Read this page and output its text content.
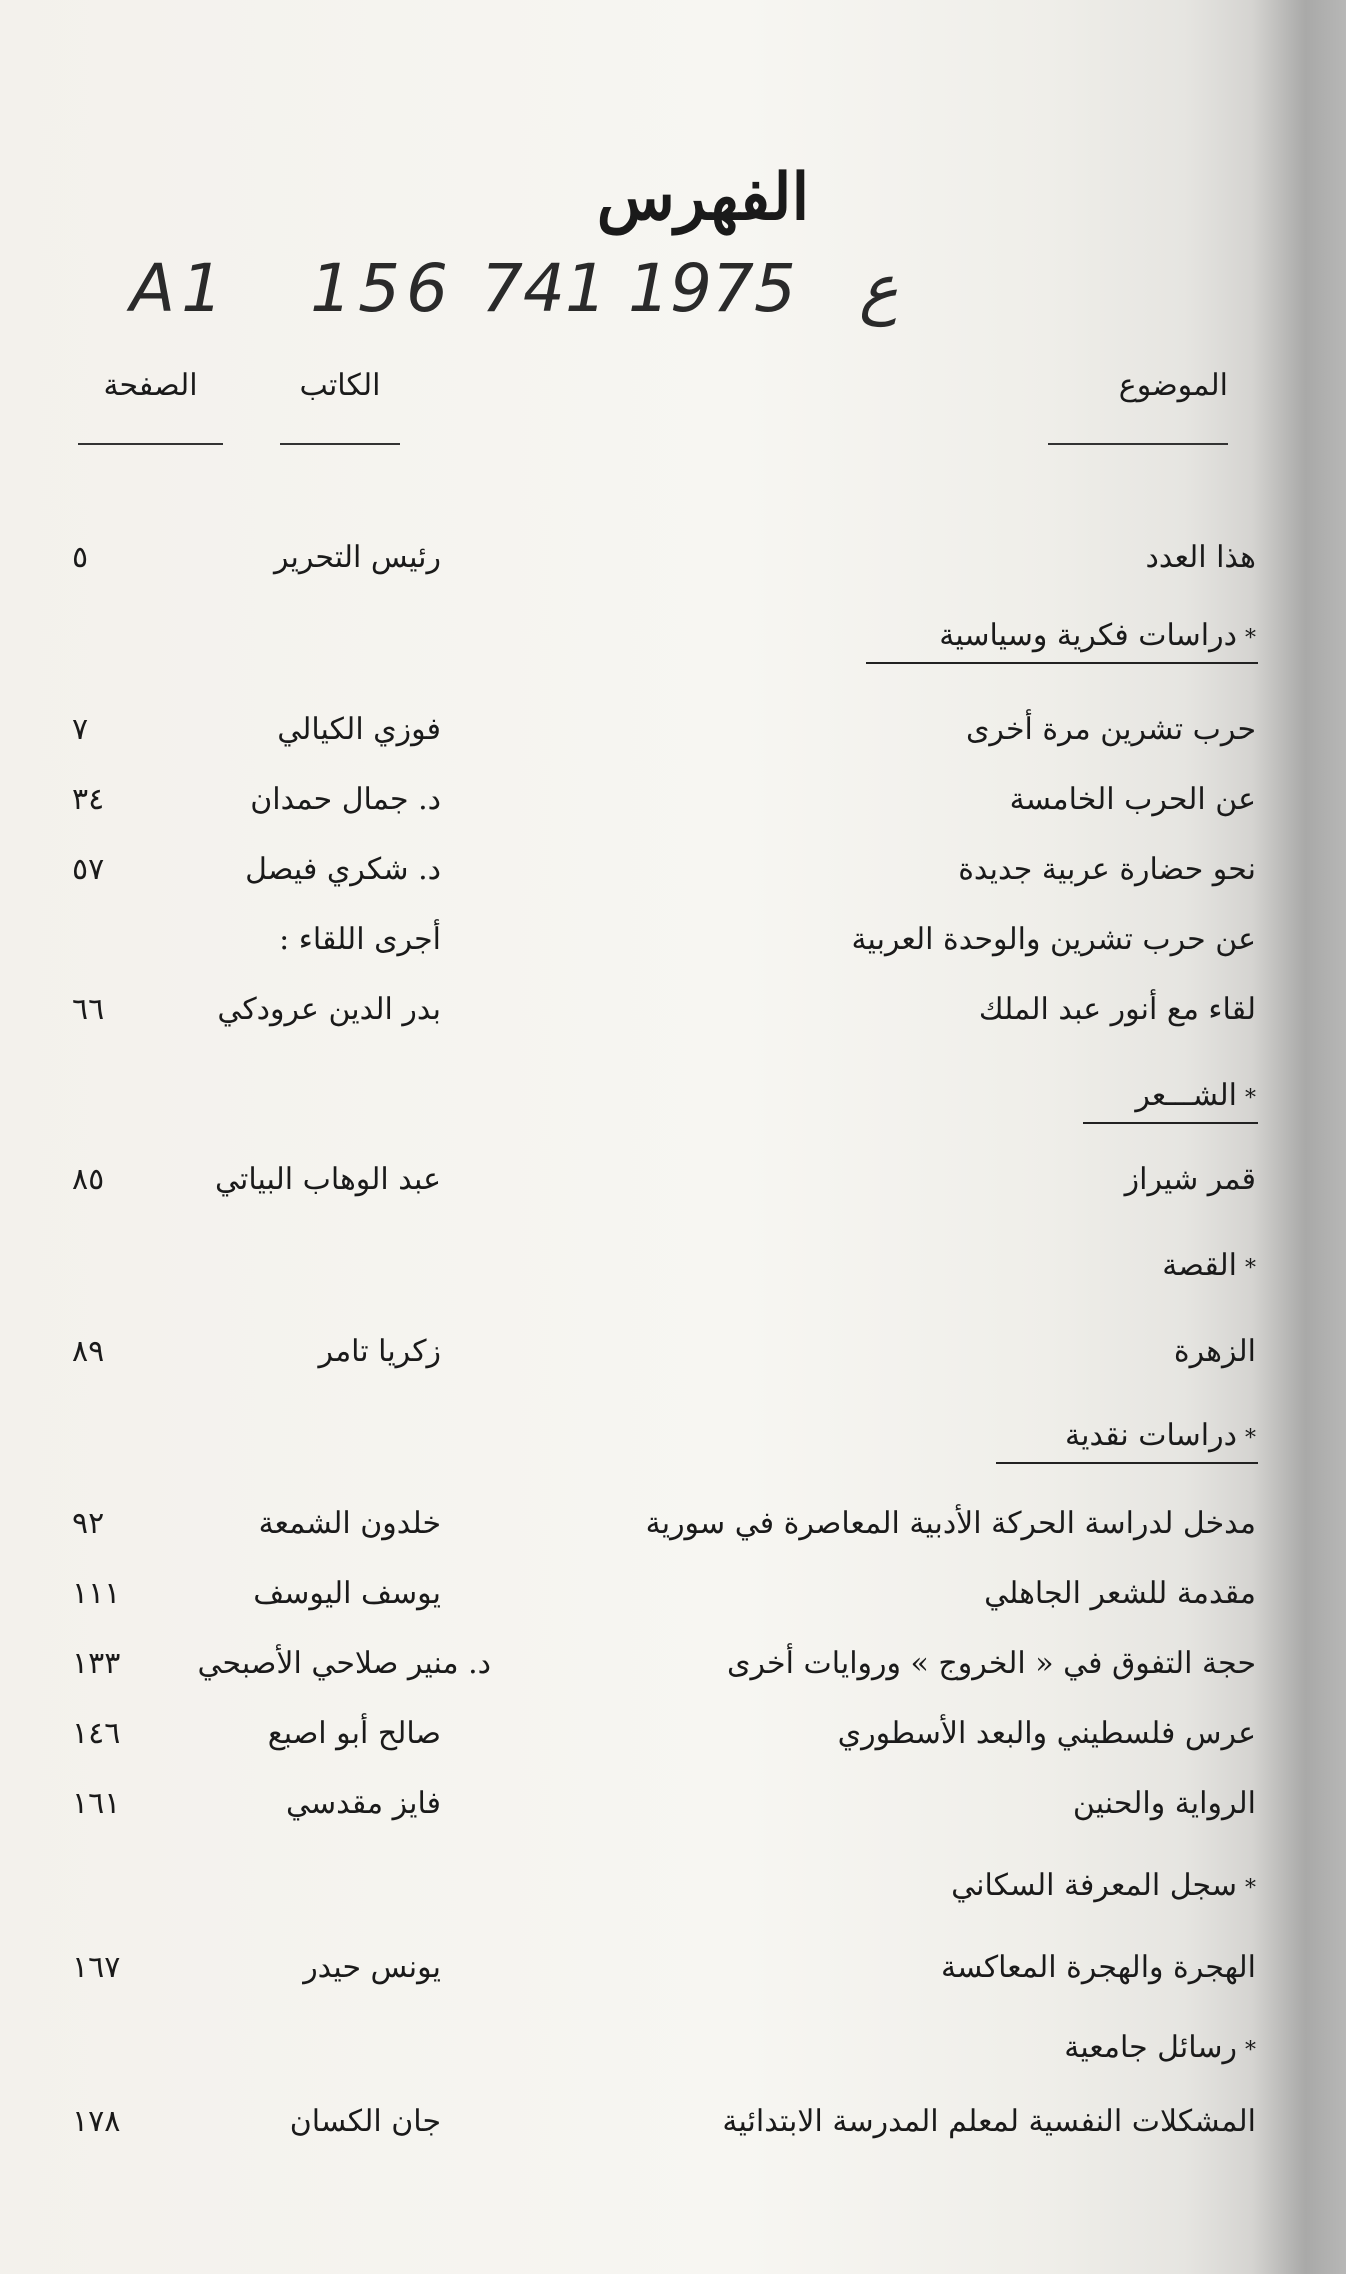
الفهرس
A1   156 ع   1975 741
الصفحة	الكاتب	الموضوع
هذا العدد
رئيس التحرير
٥
*دراسات فكرية وسياسية
حرب تشرين مرة أخرى
فوزي الكيالي
٧
عن الحرب الخامسة
د. جمال حمدان
٣٤
نحو حضارة عربية جديدة
د. شكري فيصل
٥٧
عن حرب تشرين والوحدة العربية
أجرى اللقاء :
لقاء مع أنور عبد الملك
بدر الدين عرودكي
٦٦
*الشـــعر
قمر شيراز
عبد الوهاب البياتي
٨٥
*القصة
الزهرة
زكريا تامر
٨٩
*دراسات نقدية
مدخل لدراسة الحركة الأدبية المعاصرة في سورية
خلدون الشمعة
٩٢
مقدمة للشعر الجاهلي
يوسف اليوسف
١١١
حجة التفوق في « الخروج » وروايات أخرى
د. منير صلاحي الأصبحي
١٣٣
عرس فلسطيني والبعد الأسطوري
صالح أبو اصبع
١٤٦
الرواية والحنين
فايز مقدسي
١٦١
*سجل المعرفة السكاني
الهجرة والهجرة المعاكسة
يونس حيدر
١٦٧
*رسائل جامعية
المشكلات النفسية لمعلم المدرسة الابتدائية
جان الكسان
١٧٨
